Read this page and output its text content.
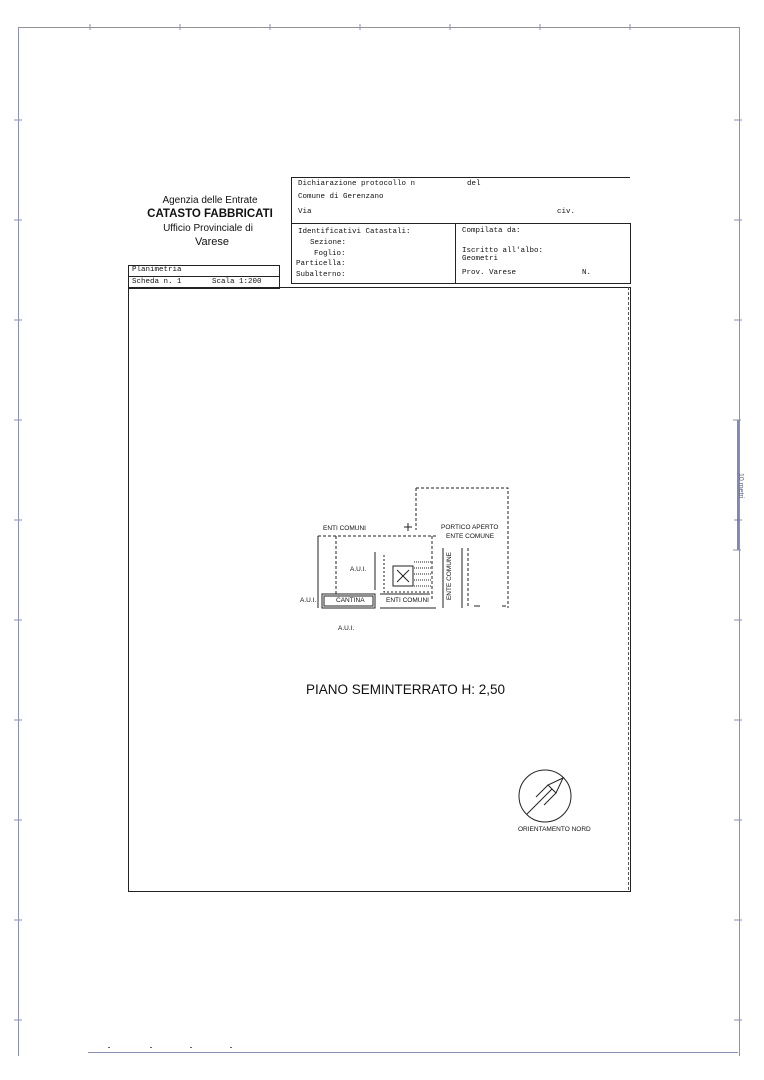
10 metri
Agenzia delle Entrate
CATASTO FABBRICATI
Ufficio Provinciale di
Varese
Dichiarazione protocollo n	del
Comune di Gerenzano
Via	civ.
Identificativi Catastali:
Sezione:
Foglio:
Particella:
Subalterno:
Compilata da:
Iscritto all'albo:
Geometri
Prov. Varese	N.
Planimetria
Scheda n. 1	Scala 1:200
ENTI COMUNI	PORTICO APERTO
ENTE COMUNE
A.U.I.
A.U.I.	CANTINA	ENTI COMUNI
ENTE COMUNE
A.U.I.
PIANO SEMINTERRATO H: 2,50
ORIENTAMENTO NORD
